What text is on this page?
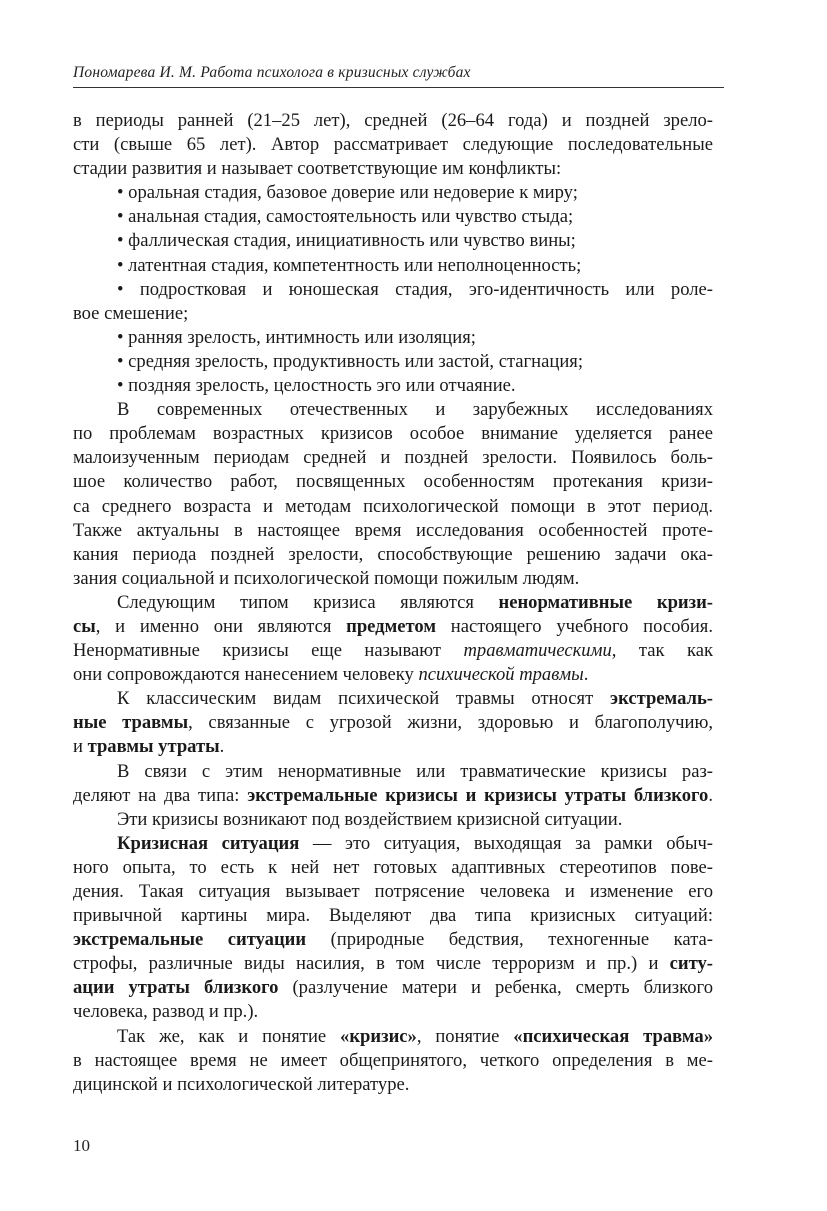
Пономарева И. М. Работа психолога в кризисных службах
в периоды ранней (21–25 лет), средней (26–64 года) и поздней зрело-
сти (свыше 65 лет). Автор рассматривает следующие последовательные
стадии развития и называет соответствующие им конфликты:
• оральная стадия, базовое доверие или недоверие к миру;
• анальная стадия, самостоятельность или чувство стыда;
• фаллическая стадия, инициативность или чувство вины;
• латентная стадия, компетентность или неполноценность;
• подростковая и юношеская стадия, эго-идентичность или роле-
вое смешение;
• ранняя зрелость, интимность или изоляция;
• средняя зрелость, продуктивность или застой, стагнация;
• поздняя зрелость, целостность эго или отчаяние.
В современных отечественных и зарубежных исследованиях
по проблемам возрастных кризисов особое внимание уделяется ранее
малоизученным периодам средней и поздней зрелости. Появилось боль-
шое количество работ, посвященных особенностям протекания кризи-
са среднего возраста и методам психологической помощи в этот период.
Также актуальны в настоящее время исследования особенностей проте-
кания периода поздней зрелости, способствующие решению задачи ока-
зания социальной и психологической помощи пожилым людям.
Следующим типом кризиса являются ненормативные кризи-
сы, и именно они являются предметом настоящего учебного пособия.
Ненормативные кризисы еще называют травматическими, так как
они сопровождаются нанесением человеку психической травмы.
К классическим видам психической травмы относят экстремаль-
ные травмы, связанные с угрозой жизни, здоровью и благополучию,
и травмы утраты.
В связи с этим ненормативные или травматические кризисы раз-
деляют на два типа: экстремальные кризисы и кризисы утраты близкого.
Эти кризисы возникают под воздействием кризисной ситуации.
Кризисная ситуация — это ситуация, выходящая за рамки обыч-
ного опыта, то есть к ней нет готовых адаптивных стереотипов пове-
дения. Такая ситуация вызывает потрясение человека и изменение его
привычной картины мира. Выделяют два типа кризисных ситуаций:
экстремальные ситуации (природные бедствия, техногенные ката-
строфы, различные виды насилия, в том числе терроризм и пр.) и ситу-
ации утраты близкого (разлучение матери и ребенка, смерть близкого
человека, развод и пр.).
Так же, как и понятие «кризис», понятие «психическая травма»
в настоящее время не имеет общепринятого, четкого определения в ме-
дицинской и психологической литературе.
10
